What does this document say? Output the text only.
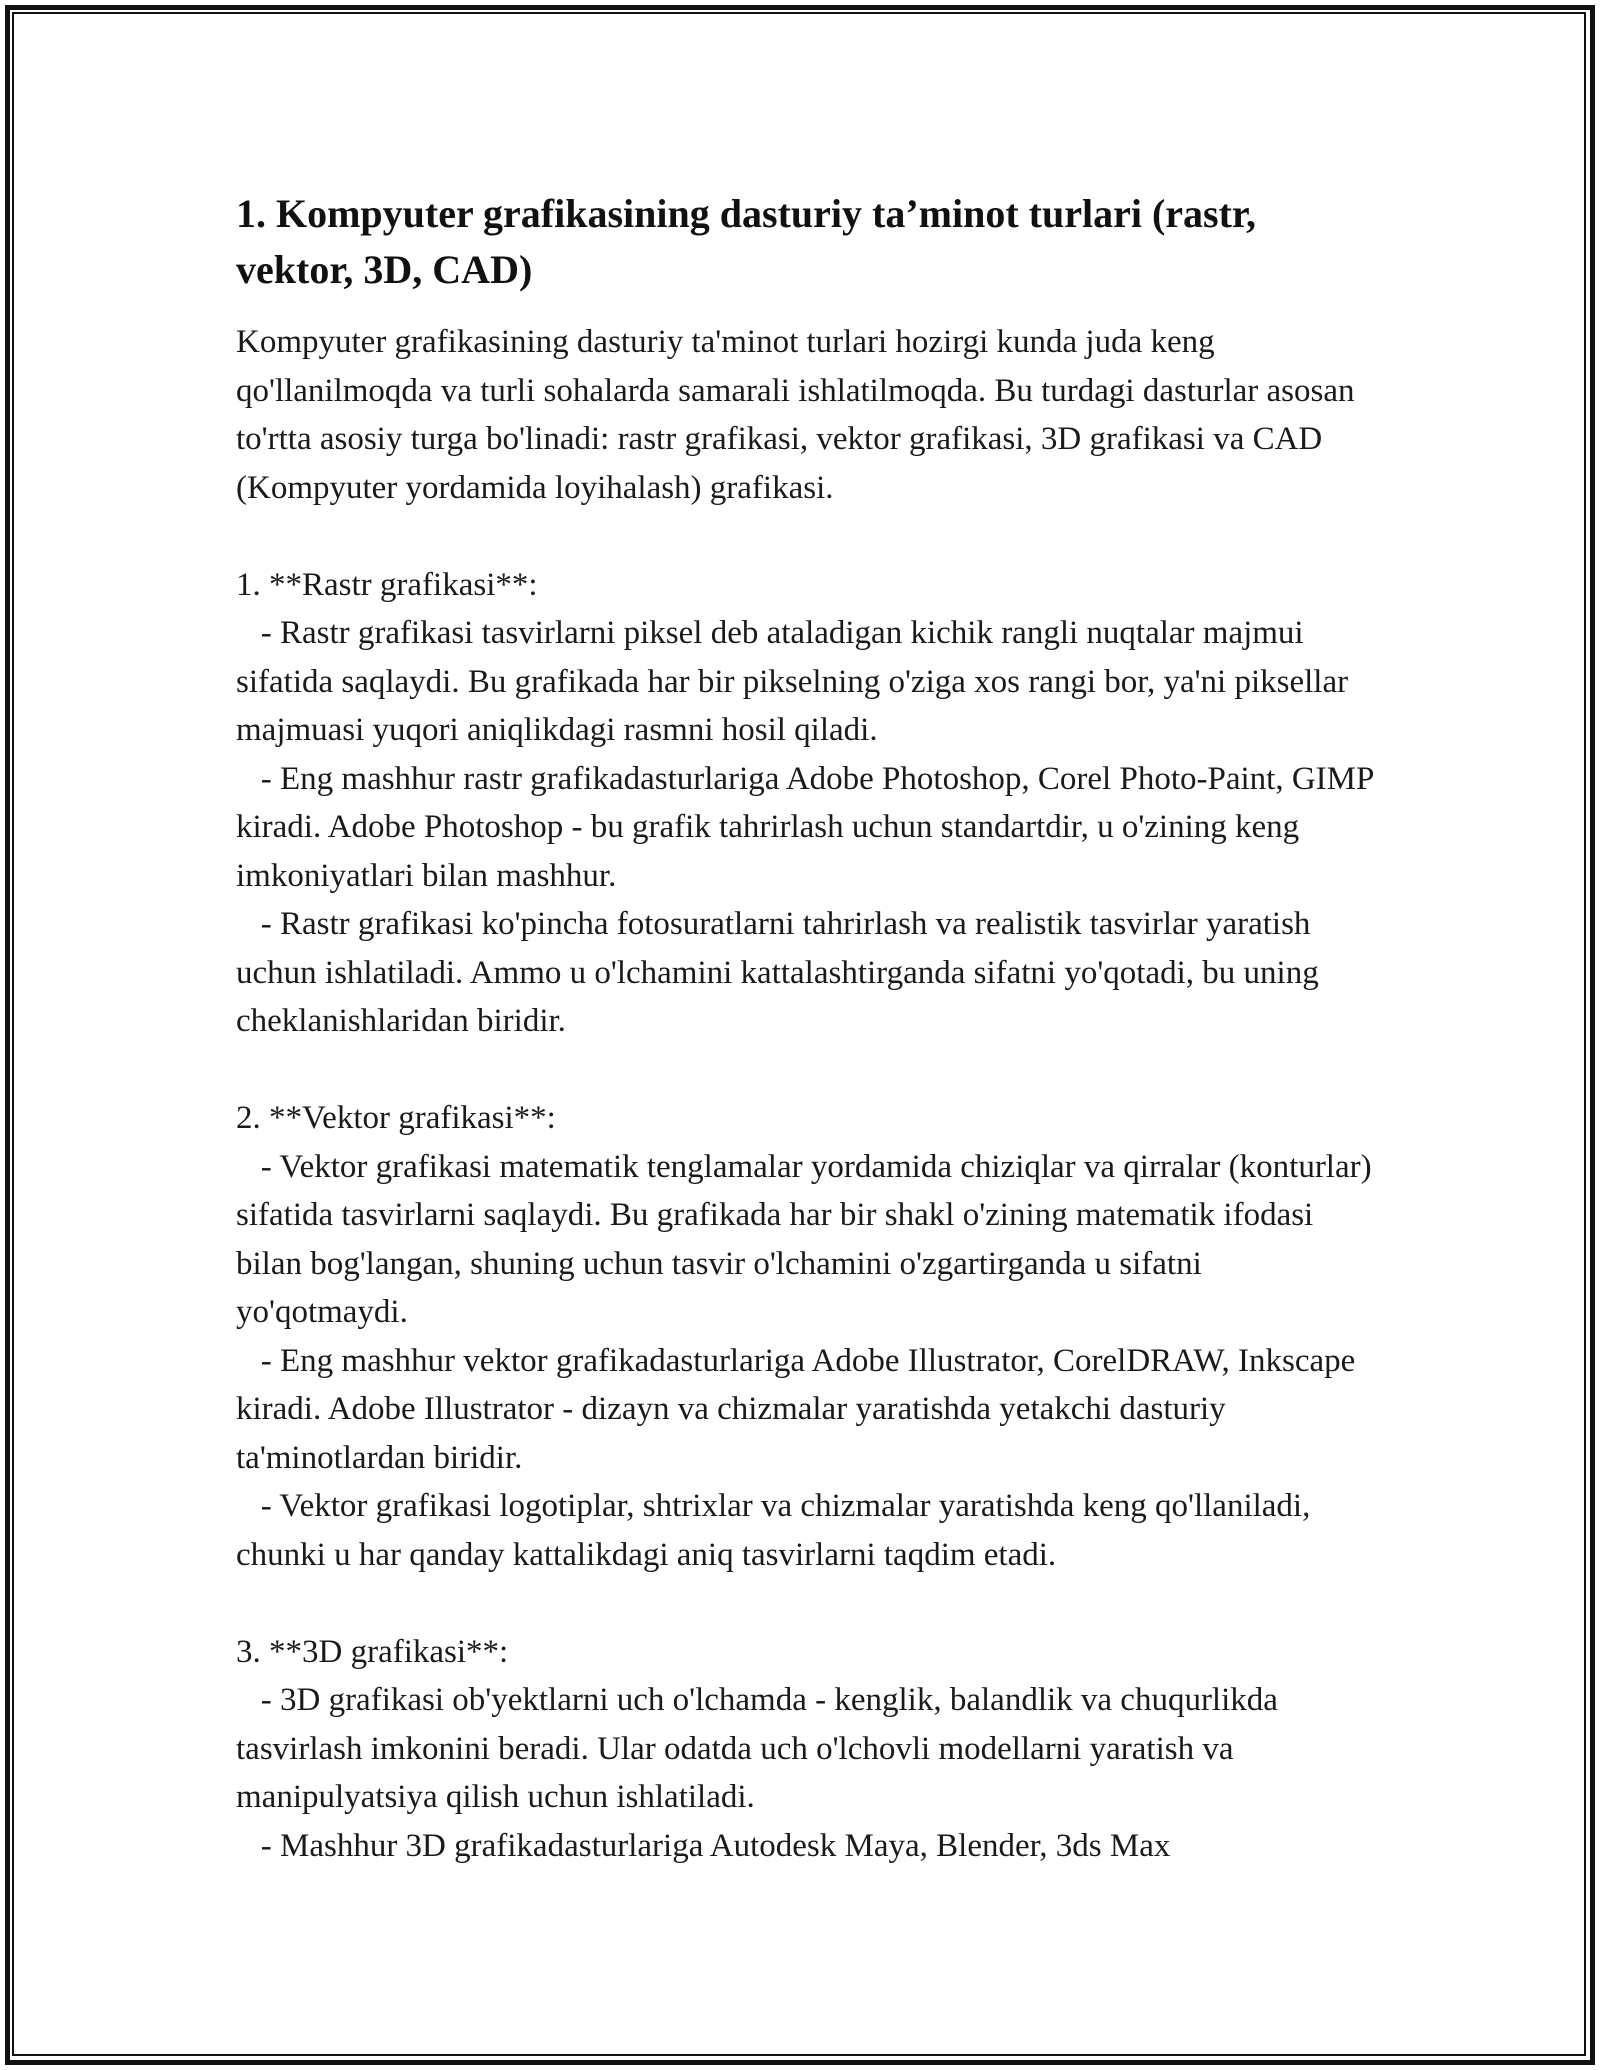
1. Kompyuter grafikasining dasturiy ta’minot turlari (rastr, vektor, 3D, CAD)

Kompyuter grafikasining dasturiy ta'minot turlari hozirgi kunda juda keng qo'llanilmoqda va turli sohalarda samarali ishlatilmoqda. Bu turdagi dasturlar asosan to'rtta asosiy turga bo'linadi: rastr grafikasi, vektor grafikasi, 3D grafikasi va CAD (Kompyuter yordamida loyihalash) grafikasi.

1. **Rastr grafikasi**:
- Rastr grafikasi tasvirlarni piksel deb ataladigan kichik rangli nuqtalar majmui sifatida saqlaydi. Bu grafikada har bir pikselning o'ziga xos rangi bor, ya'ni piksellar majmuasi yuqori aniqlikdagi rasmni hosil qiladi.
- Eng mashhur rastr grafikadasturlariga Adobe Photoshop, Corel Photo-Paint, GIMP kiradi. Adobe Photoshop - bu grafik tahrirlash uchun standartdir, u o'zining keng imkoniyatlari bilan mashhur.
- Rastr grafikasi ko'pincha fotosuratlarni tahrirlash va realistik tasvirlar yaratish uchun ishlatiladi. Ammo u o'lchamini kattalashtirganda sifatni yo'qotadi, bu uning cheklanishlaridan biridir.

2. **Vektor grafikasi**:
- Vektor grafikasi matematik tenglamalar yordamida chiziqlar va qirralar (konturlar) sifatida tasvirlarni saqlaydi. Bu grafikada har bir shakl o'zining matematik ifodasi bilan bog'langan, shuning uchun tasvir o'lchamini o'zgartirganda u sifatni yo'qotmaydi.
- Eng mashhur vektor grafikadasturlariga Adobe Illustrator, CorelDRAW, Inkscape kiradi. Adobe Illustrator - dizayn va chizmalar yaratishda yetakchi dasturiy ta'minotlardan biridir.
- Vektor grafikasi logotiplar, shtrixlar va chizmalar yaratishda keng qo'llaniladi, chunki u har qanday kattalikdagi aniq tasvirlarni taqdim etadi.

3. **3D grafikasi**:
- 3D grafikasi ob'yektlarni uch o'lchamda - kenglik, balandlik va chuqurlikda tasvirlash imkonini beradi. Ular odatda uch o'lchovli modellarni yaratish va manipulyatsiya qilish uchun ishlatiladi.
- Mashhur 3D grafikadasturlariga Autodesk Maya, Blender, 3ds Max
